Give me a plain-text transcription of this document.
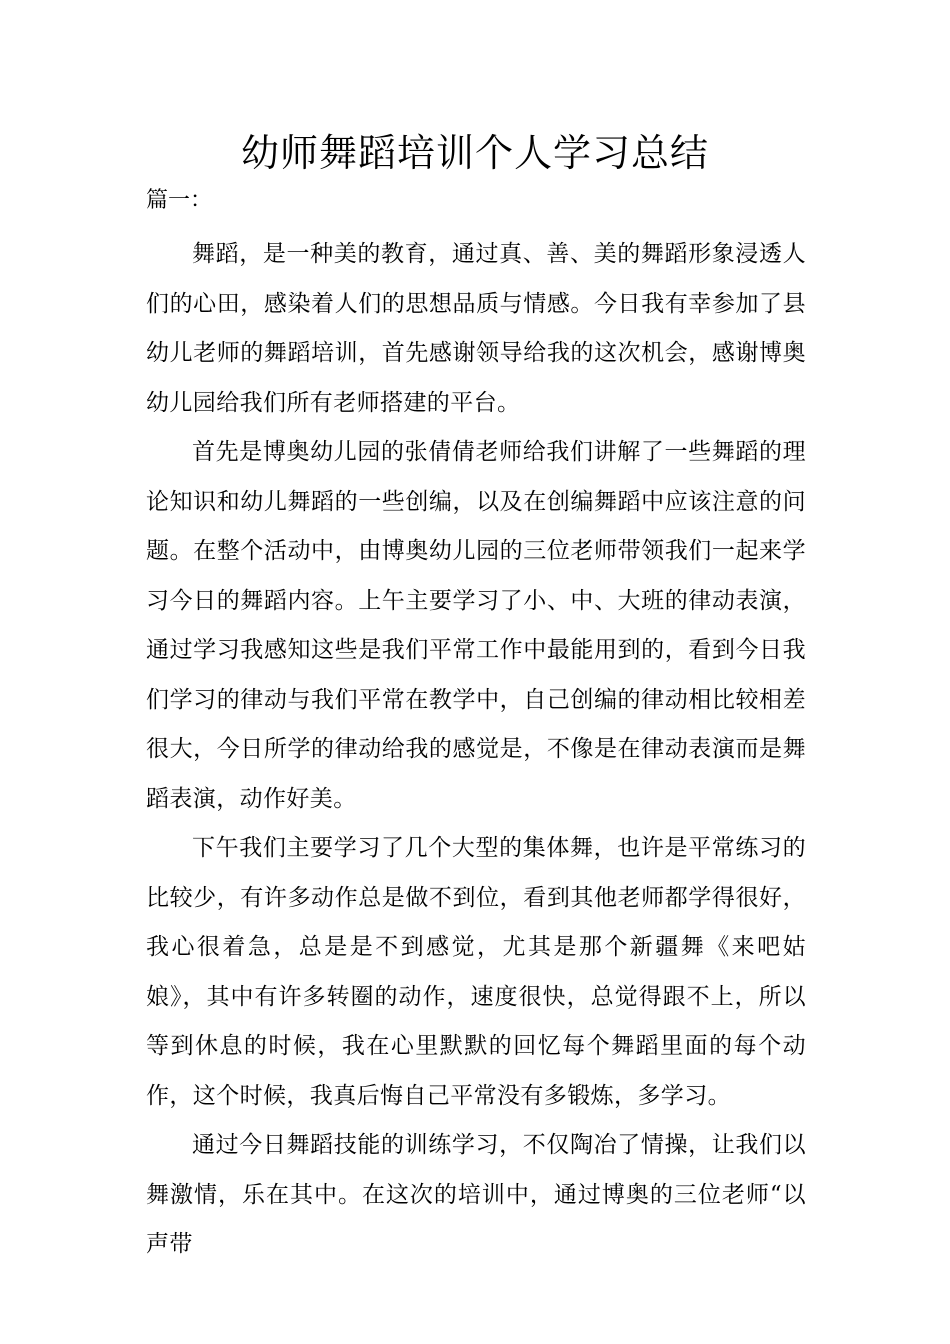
幼师舞蹈培训个人学习总结

篇一：

舞蹈，是一种美的教育，通过真、善、美的舞蹈形象浸透人们的心田，感染着人们的思想品质与情感。今日我有幸参加了县幼儿老师的舞蹈培训，首先感谢领导给我的这次机会，感谢博奥幼儿园给我们所有老师搭建的平台。

首先是博奥幼儿园的张倩倩老师给我们讲解了一些舞蹈的理论知识和幼儿舞蹈的一些创编，以及在创编舞蹈中应该注意的问题。在整个活动中，由博奥幼儿园的三位老师带领我们一起来学习今日的舞蹈内容。上午主要学习了小、中、大班的律动表演，通过学习我感知这些是我们平常工作中最能用到的，看到今日我们学习的律动与我们平常在教学中，自己创编的律动相比较相差很大，今日所学的律动给我的感觉是，不像是在律动表演而是舞蹈表演，动作好美。

下午我们主要学习了几个大型的集体舞，也许是平常练习的比较少，有许多动作总是做不到位，看到其他老师都学得很好，我心很着急，总是是不到感觉，尤其是那个新疆舞《来吧姑娘》，其中有许多转圈的动作，速度很快，总觉得跟不上，所以等到休息的时候，我在心里默默的回忆每个舞蹈里面的每个动作，这个时候，我真后悔自己平常没有多锻炼，多学习。

通过今日舞蹈技能的训练学习，不仅陶冶了情操，让我们以舞激情，乐在其中。在这次的培训中，通过博奥的三位老师“以声带
